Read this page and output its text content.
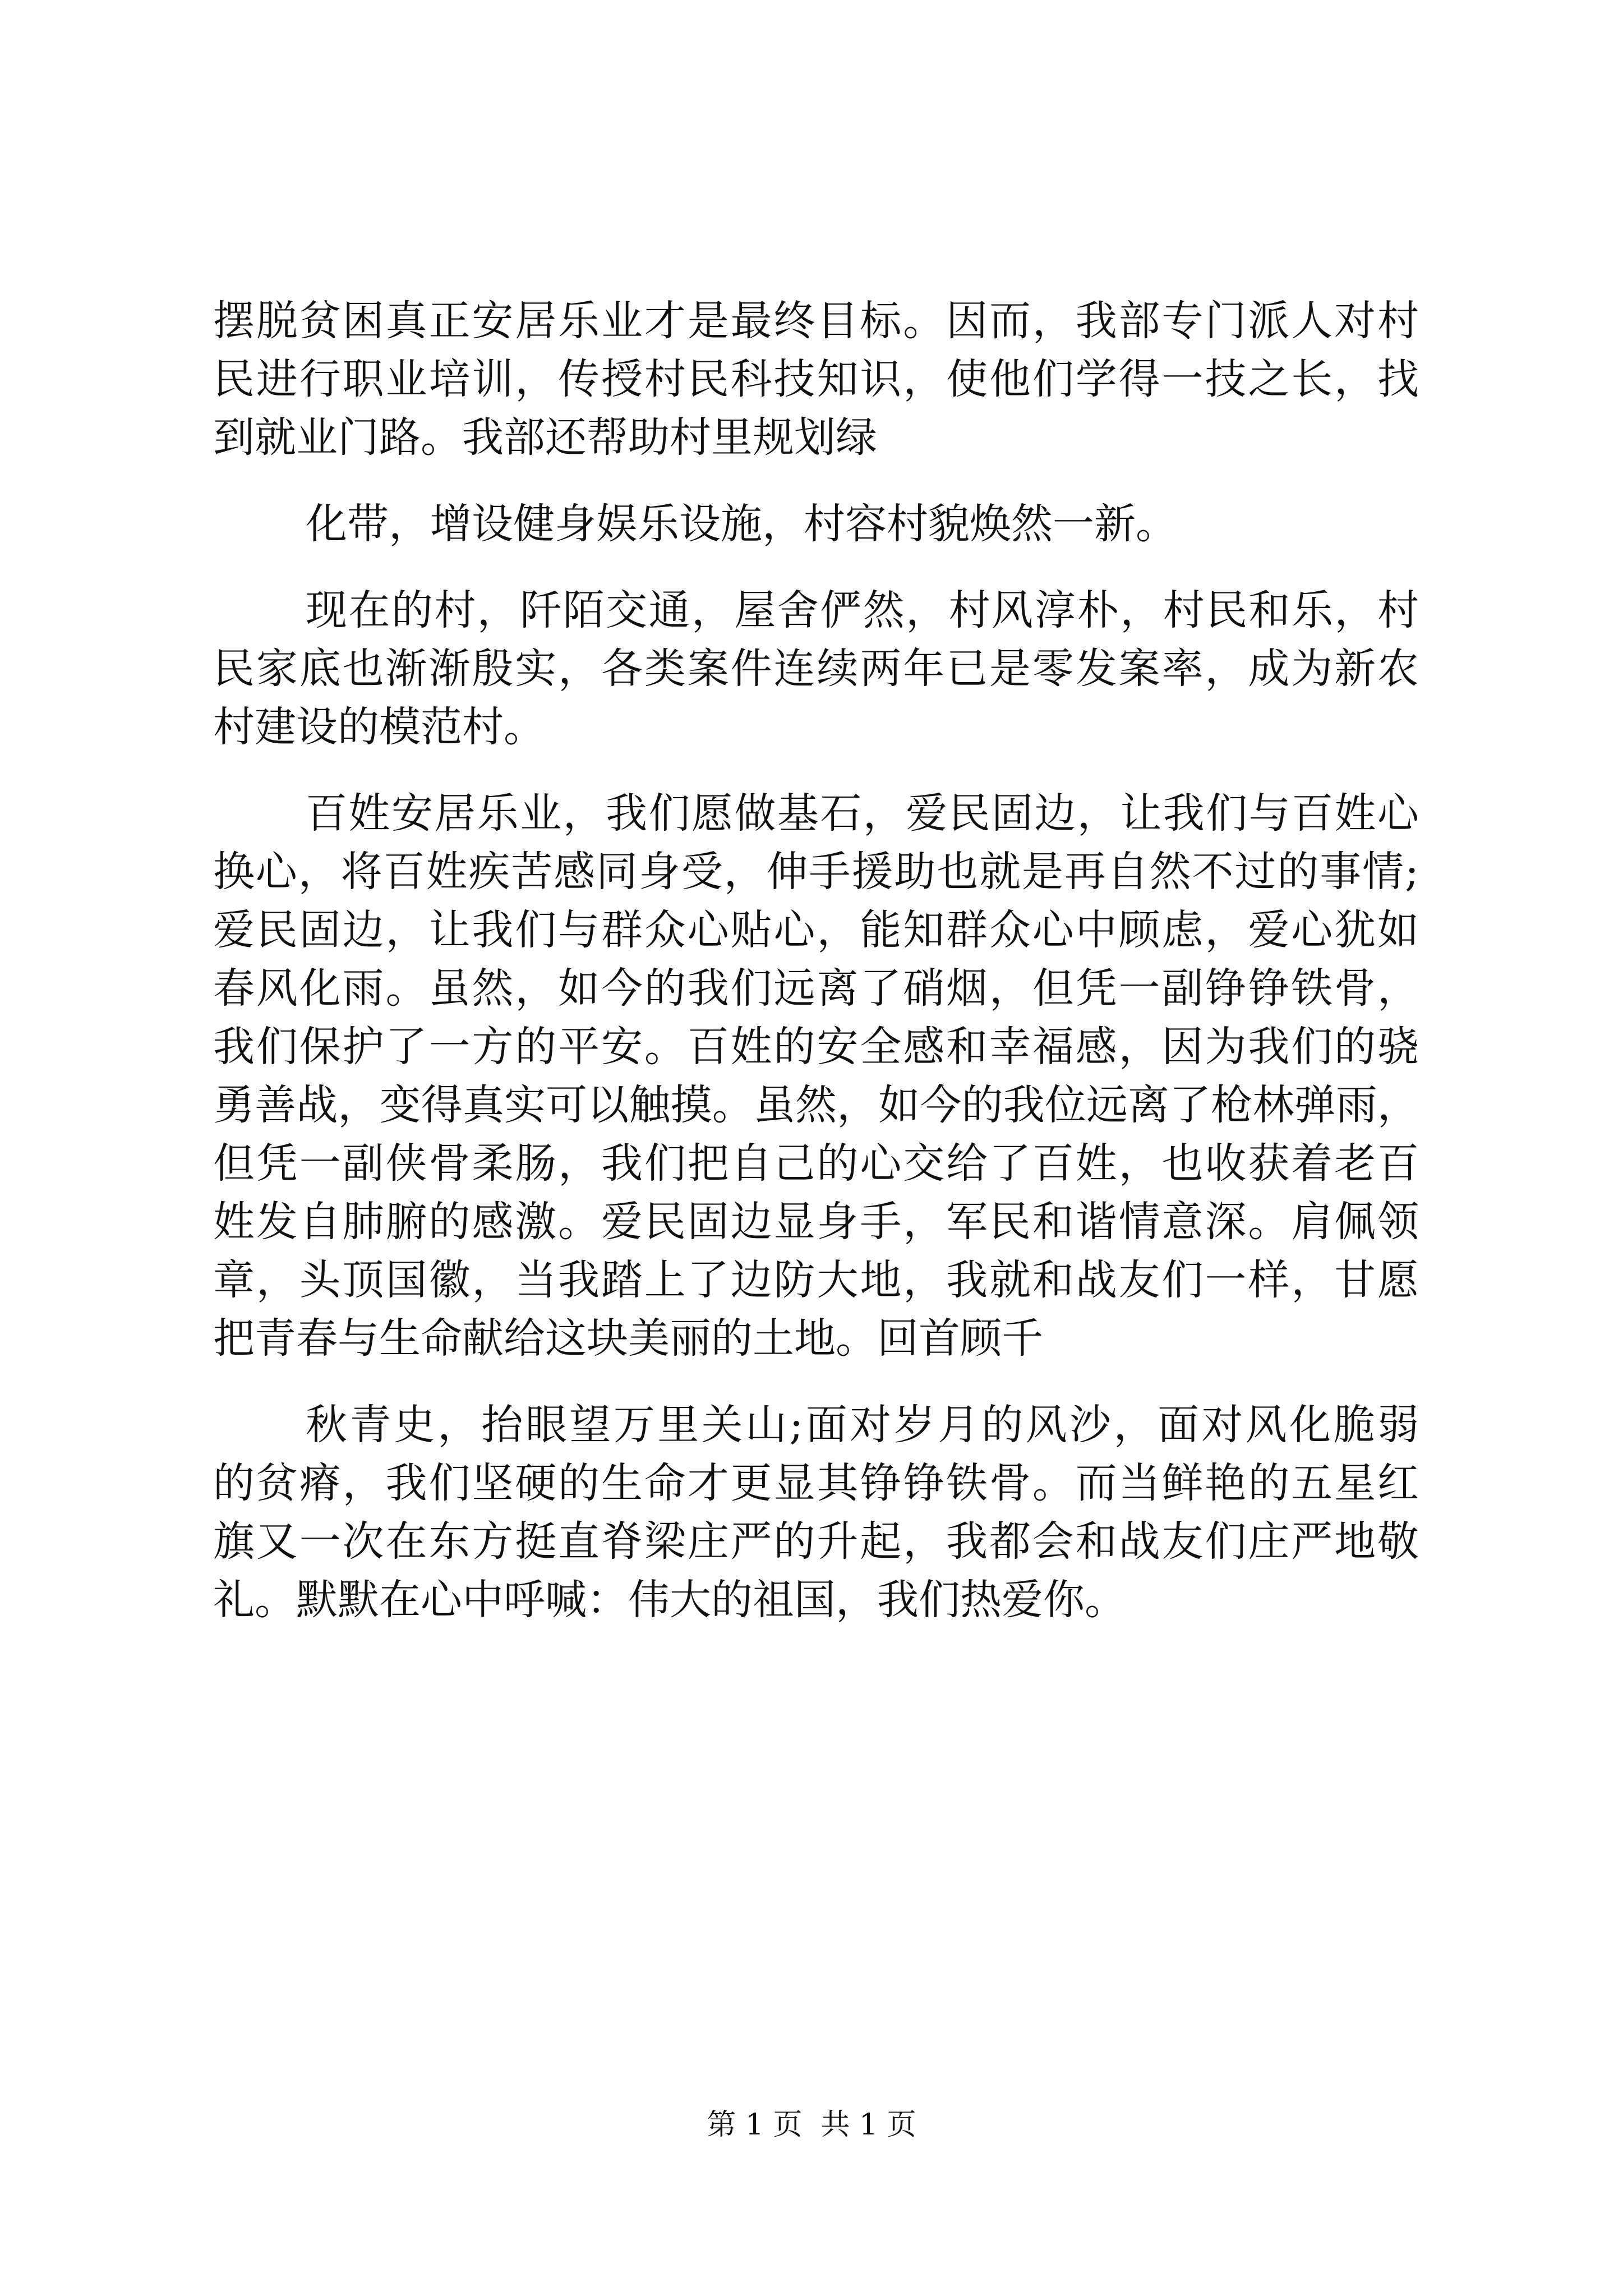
摆脱贫困真正安居乐业才是最终目标。因而，我部专门派人对村

民进行职业培训，传授村民科技知识，使他们学得一技之长，找

到就业门路。我部还帮助村里规划绿

化带，增设健身娱乐设施，村容村貌焕然一新。

现在的村，阡陌交通，屋舍俨然，村风淳朴，村民和乐，村

民家底也渐渐殷实，各类案件连续两年已是零发案率，成为新农

村建设的模范村。

百姓安居乐业，我们愿做基石，爱民固边，让我们与百姓心

换心，将百姓疾苦感同身受，伸手援助也就是再自然不过的事情;

爱民固边，让我们与群众心贴心，能知群众心中顾虑，爱心犹如

春风化雨。虽然，如今的我们远离了硝烟，但凭一副铮铮铁骨，

我们保护了一方的平安。百姓的安全感和幸福感，因为我们的骁

勇善战，变得真实可以触摸。虽然，如今的我位远离了枪林弹雨，

但凭一副侠骨柔肠，我们把自己的心交给了百姓，也收获着老百

姓发自肺腑的感激。爱民固边显身手，军民和谐情意深。肩佩领

章，头顶国徽，当我踏上了边防大地，我就和战友们一样，甘愿

把青春与生命献给这块美丽的土地。回首顾千

秋青史，抬眼望万里关山;面对岁月的风沙，面对风化脆弱

的贫瘠，我们坚硬的生命才更显其铮铮铁骨。而当鲜艳的五星红

旗又一次在东方挺直脊梁庄严的升起，我都会和战友们庄严地敬

礼。默默在心中呼喊：伟大的祖国，我们热爱你。

第 1 页  共 1 页
